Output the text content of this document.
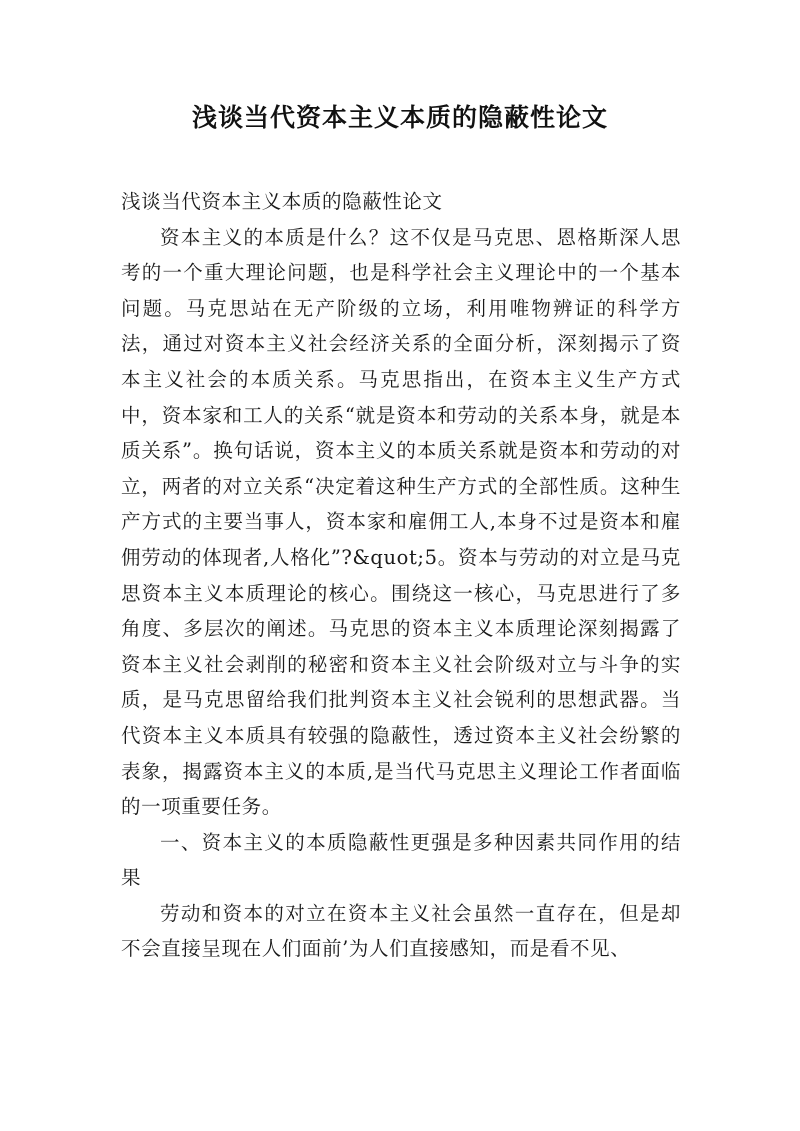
浅谈当代资本主义本质的隐蔽性论文

浅谈当代资本主义本质的隐蔽性论文

资本主义的本质是什么？这不仅是马克思、恩格斯深人思考的一个重大理论问题，也是科学社会主义理论中的一个基本问题。马克思站在无产阶级的立场，利用唯物辨证的科学方法，通过对资本主义社会经济关系的全面分析，深刻揭示了资本主义社会的本质关系。马克思指出，在资本主义生产方式中，资本家和工人的关系“就是资本和劳动的关系本身，就是本质关系”。换句话说，资本主义的本质关系就是资本和劳动的对立，两者的对立关系“决定着这种生产方式的全部性质。这种生产方式的主要当事人，资本家和雇佣工人,本身不过是资本和雇佣劳动的体现者,人格化”?&quot;5。资本与劳动的对立是马克思资本主义本质理论的核心。围绕这一核心，马克思进行了多角度、多层次的阐述。马克思的资本主义本质理论深刻揭露了资本主义社会剥削的秘密和资本主义社会阶级对立与斗争的实质，是马克思留给我们批判资本主义社会锐利的思想武器。当代资本主义本质具有较强的隐蔽性，透过资本主义社会纷繁的表象，揭露资本主义的本质,是当代马克思主义理论工作者面临的一项重要任务。

一、资本主义的本质隐蔽性更强是多种因素共同作用的结果

劳动和资本的对立在资本主义社会虽然一直存在，但是却不会直接呈现在人们面前’为人们直接感知，而是看不见、
